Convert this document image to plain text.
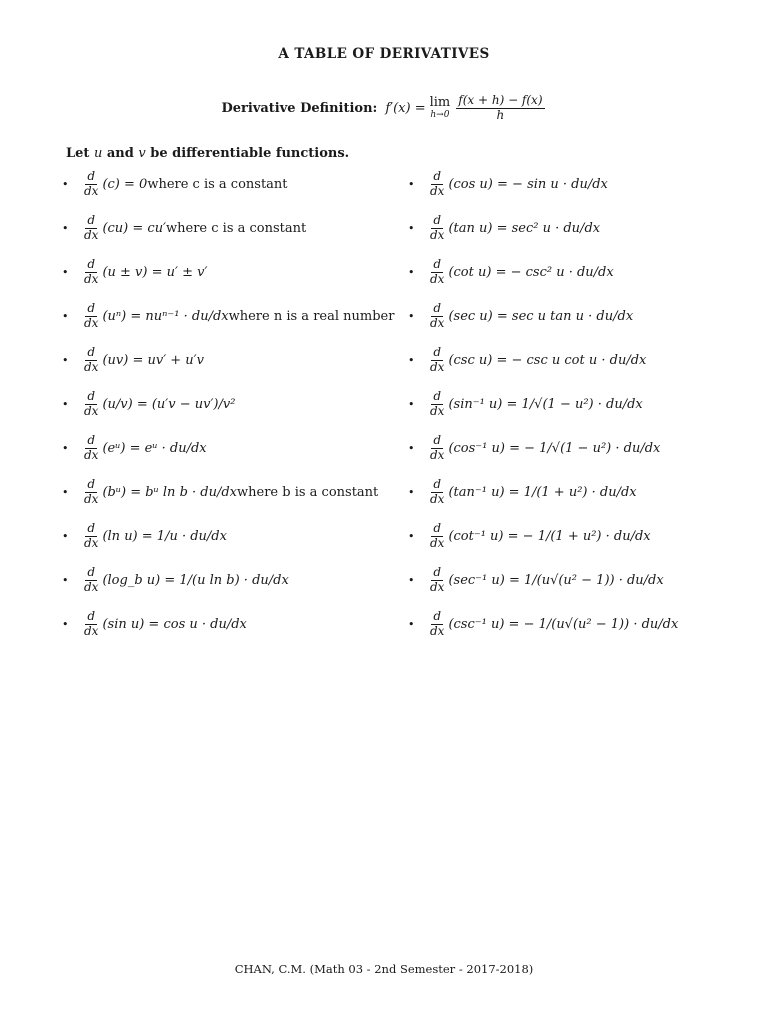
A TABLE OF DERIVATIVES
Derivative Definition: f′(x) = lim
$h\to 0 \frac{f(x + h) - f(x)}{h}$
Let u and v be differentiable functions.
•	$\frac{d}{dx} (c) = 0$ where c is a constant
•	$\frac{d}{dx} (cu) = cu'$ where c is a constant
•	$\frac{d}{dx} (u \pm v) = u' \pm v'$
•	$\frac{d}{dx} (u^n) = nu^{n-1} \cdot du/dx$ where n is a real number
•	$\frac{d}{dx} (uv) = uv' + u'v$
•	$\frac{d}{dx} (u/v) = (u'v - uv')/v^2$
•	$\frac{d}{dx}$ (eᵘ) = eᵘ · du/dx
•	$\frac{d}{dx}$ (bᵘ) = bᵘ ln b · du/dx where b is a constant
•	$\frac{d}{dx} (\ln$ u) = 1/u · du/dx
•	$\frac{d}{dx}$ (log_b u) = 1/(u ln b) · du/dx
•	$\frac{d}{dx} (\sin$ u) = cos u · du/dx
•	$\frac{d}{dx} (\cos$ u) = − sin u · du/dx
•	$\frac{d}{dx} (\tan$ u) = sec² u · du/dx
•	$\frac{d}{dx} (\cot$ u) = − csc² u · du/dx
•	$\frac{d}{dx} (\sec$ u) = sec u tan u · du/dx
•	$\frac{d}{dx} (\csc$ u) = − csc u cot u · du/dx
•	$\frac{d}{dx} (\sin^{-1}$ u) = 1/√(1 − u²) · du/dx
•	$\frac{d}{dx} (\cos^{-1}$ u) = − 1/√(1 − u²) · du/dx
•	$\frac{d}{dx} (\tan^{-1}$ u) = 1/(1 + u²) · du/dx
•	$\frac{d}{dx} (\cot^{-1}$ u) = − 1/(1 + u²) · du/dx
•	$\frac{d}{dx} (\sec^{-1}$ u) = 1/(u√(u² − 1)) · du/dx
•	$\frac{d}{dx} (\csc^{-1}$ u) = − 1/(u√(u² − 1)) · du/dx
CHAN, C.M. (Math 03 - 2nd Semester - 2017-2018)
